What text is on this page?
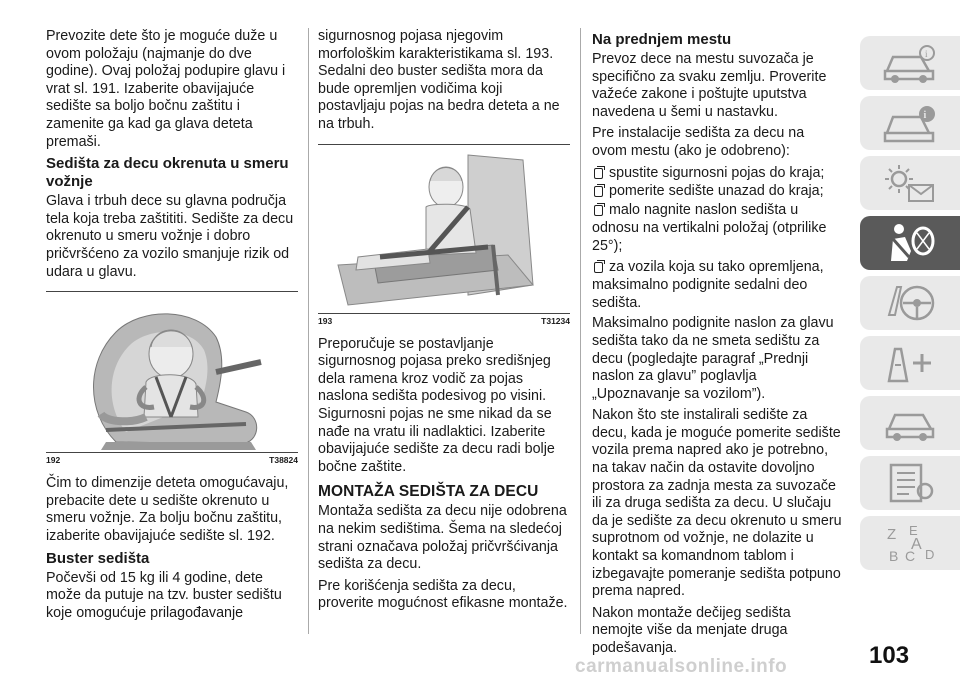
Prevozite dete što je moguće duže u ovom položaju (najmanje do dve godine). Ovaj položaj podupire glavu i vrat sl. 191. Izaberite obavijajuće sedište sa boljo bočnu zaštitu i zamenite ga kad ga glava deteta premaši.

Sedišta za decu okrenuta u smeru vožnje

Glava i trbuh dece su glavna područja tela koja treba zaštititi. Sedište za decu okrenuto u smeru vožnje i dobro pričvršćeno za vozilo smanjuje rizik od udara u glavu.

192	T38824

Čim to dimenzije deteta omogućavaju, prebacite dete u sedište okrenuto u smeru vožnje. Za bolju bočnu zaštitu, izaberite obavijajuće sedište sl. 192.

Buster sedišta

Počevši od 15 kg ili 4 godine, dete može da putuje na tzv. buster sedištu koje omogućuje prilagođavanje

sigurnosnog pojasa njegovim morfološkim karakteristikama sl. 193. Sedalni deo buster sedišta mora da bude opremljen vodičima koji postavljaju pojas na bedra deteta a ne na trbuh.

193	T31234

Preporučuje se postavljanje sigurnosnog pojasa preko središnjeg dela ramena kroz vodič za pojas naslona sedišta podesivog po visini. Sigurnosni pojas ne sme nikad da se nađe na vratu ili nadlaktici. Izaberite obavijajuće sedište za decu radi bolje bočne zaštite.

MONTAŽA SEDIŠTA ZA DECU

Montaža sedišta za decu nije odobrena na nekim sedištima. Šema na sledećoj strani označava položaj pričvršćivanja sedišta za decu.

Pre korišćenja sedišta za decu, proverite mogućnost efikasne montaže.

Na prednjem mestu

Prevoz dece na mestu suvozača je specifično za svaku zemlju. Proverite važeće zakone i poštujte uputstva navedena u šemi u nastavku.

Pre instalacije sedišta za decu na ovom mestu (ako je odobreno):

spustite sigurnosni pojas do kraja;
pomerite sedište unazad do kraja;
malo nagnite naslon sedišta u
odnosu na vertikalni položaj (otprilike 25°);
za vozila koja su tako opremljena,
maksimalno podignite sedalni deo sedišta.

Maksimalno podignite naslon za glavu sedišta tako da ne smeta sedištu za decu (pogledajte paragraf „Prednji naslon za glavu” poglavlja „Upoznavanje sa vozilom”).

Nakon što ste instalirali sedište za decu, kada je moguće pomerite sedište vozila prema napred ako je potrebno, na takav način da ostavite dovoljno prostora za zadnja mesta za suvozače ili za druga sedišta za decu. U slučaju da je sedište za decu okrenuto u smeru suprotnom od vožnje, ne dolazite u kontakt sa komandnom tablom i izbegavajte pomeranje sedišta potpuno prema napred.

Nakon montaže dečijeg sedišta nemojte više da menjate druga podešavanja.

i
i
Z E
B C
A
D
103
carmanualsonline.info
